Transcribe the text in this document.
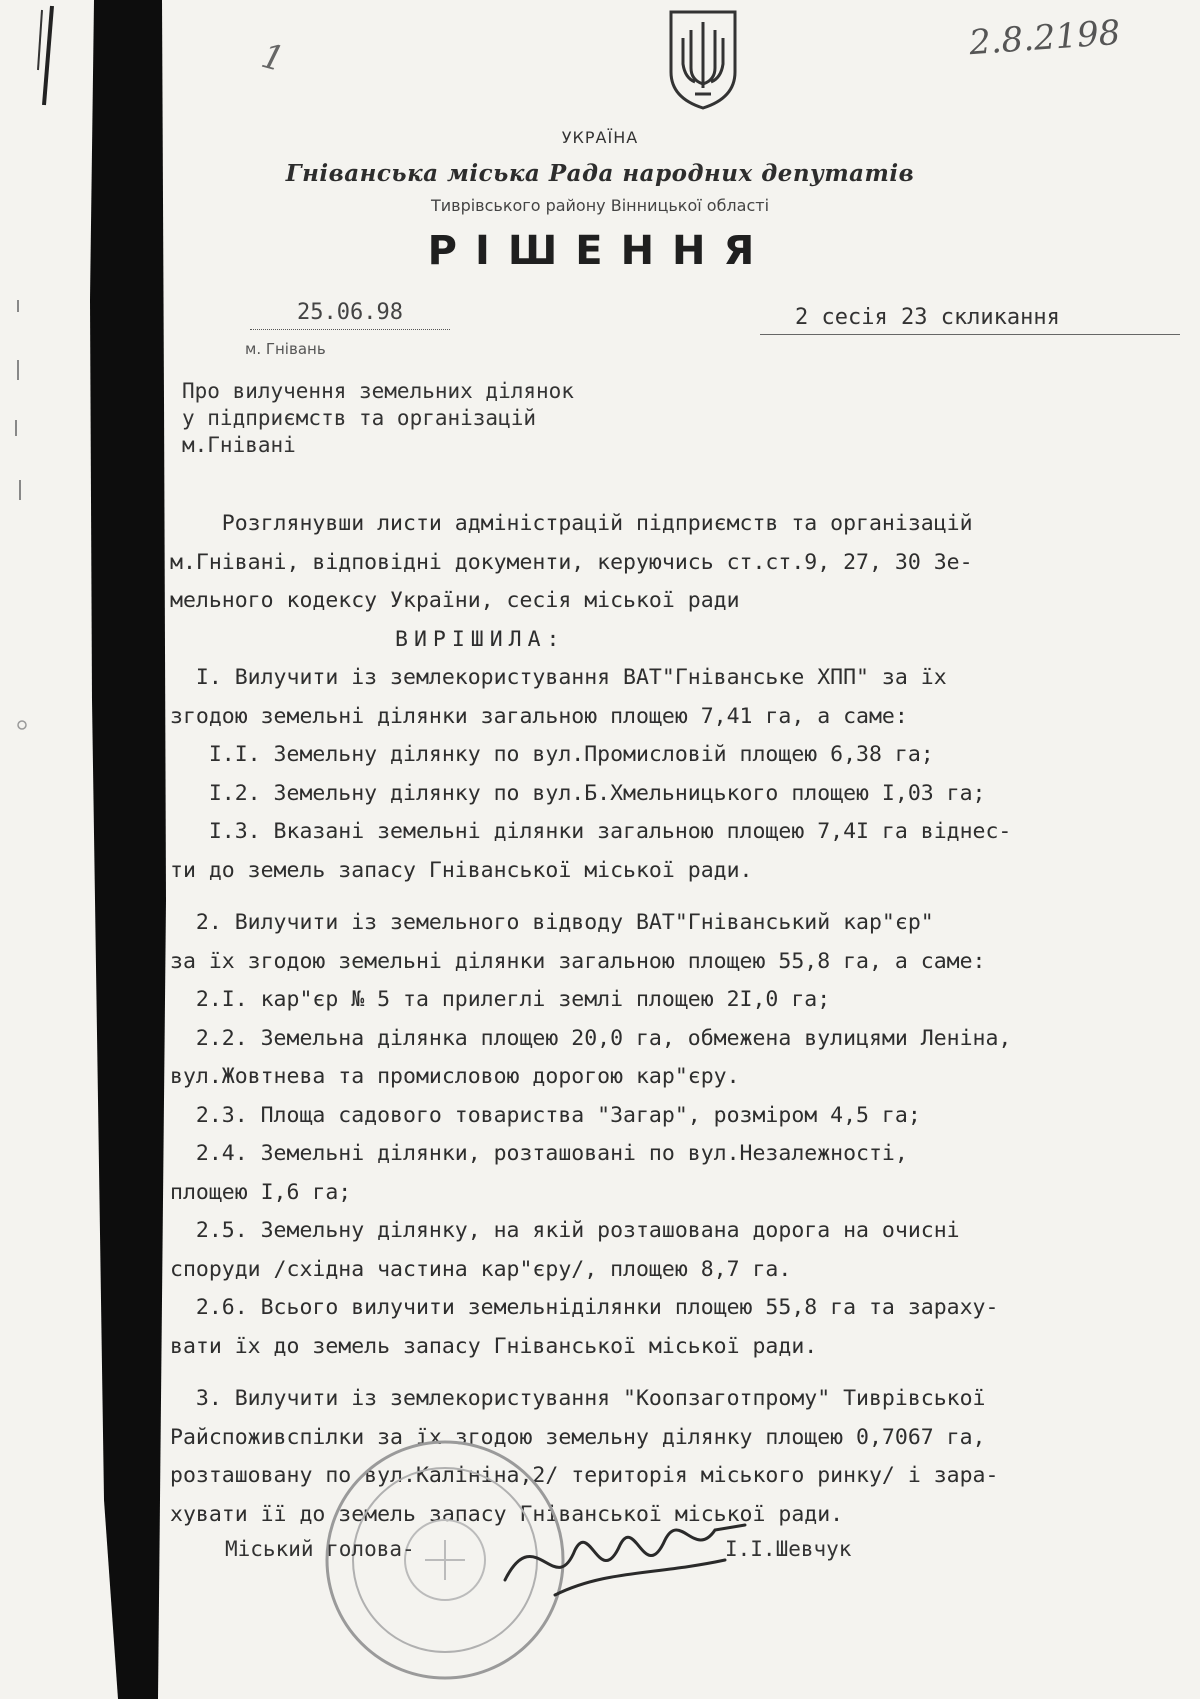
1	2.8.2198
УКРАЇНА
Гніванська міська Рада народних депутатів
Тиврівського району Вінницької області
РІШЕННЯ
25.06.98
м. Гнівань
2 сесія 23 скликання
Про вилучення земельних ділянок
у підприємств та організацій
м.Гнівані
Розглянувши листи адміністрацій підприємств та організацій
м.Гнівані, відповідні документи, керуючись ст.ст.9, 27, 30 Зе-
мельного кодексу України, сесія міської ради
ВИРІШИЛА:
І. Вилучити із землекористування ВАТ"Гніванське ХПП" за їх
згодою земельні ділянки загальною площею 7,41 га, а саме:
І.І. Земельну ділянку по вул.Промисловій площею 6,38 га;
І.2. Земельну ділянку по вул.Б.Хмельницького площею І,03 га;
І.3. Вказані земельні ділянки загальною площею 7,4І га віднес-
ти до земель запасу Гніванської міської ради.
2. Вилучити із земельного відводу ВАТ"Гніванський кар"єр"
за їх згодою земельні ділянки загальною площею 55,8 га, а саме:
2.І. кар"єр № 5 та прилеглі землі площею 2І,0 га;
2.2. Земельна ділянка площею 20,0 га, обмежена вулицями Леніна,
вул.Жовтнева та промисловою дорогою кар"єру.
2.3. Площа садового товариства "Загар", розміром 4,5 га;
2.4. Земельні ділянки, розташовані по вул.Незалежності,
площею І,6 га;
2.5. Земельну ділянку, на якій розташована дорога на очисні
споруди /східна частина кар"єру/, площею 8,7 га.
2.6. Всього вилучити земельніділянки площею 55,8 га та зараху-
вати їх до земель запасу Гніванської міської ради.
3. Вилучити із землекористування "Коопзаготпрому" Тиврівської
Райспоживспілки за їх згодою земельну ділянку площею 0,7067 га,
розташовану по вул.Калініна,2/ територія міського ринку/ і зара-
хувати її до земель запасу Гніванської міської ради.
Міський голова-	І.І.Шевчук
